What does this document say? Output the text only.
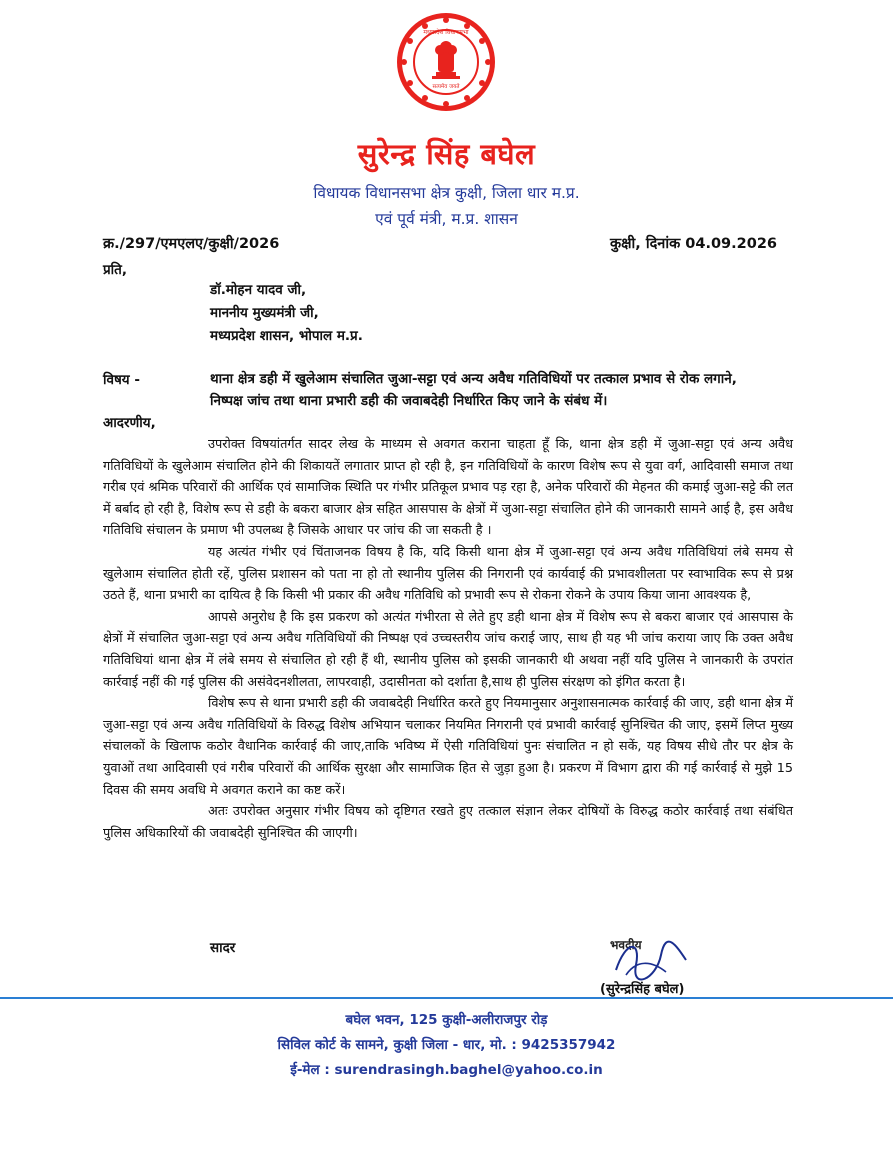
मध्यप्रदेश विधानसभा
सत्यमेव जयते
सुरेन्द्र सिंह बघेल
विधायक विधानसभा क्षेत्र कुक्षी, जिला धार म.प्र.
एवं पूर्व मंत्री, म.प्र. शासन
क्र./297/एमएलए/कुक्षी/2026	कुक्षी, दिनांक 04.09.2026
प्रति,
डॉ.मोहन यादव जी,
माननीय मुख्यमंत्री जी,
मध्यप्रदेश शासन, भोपाल म.प्र.
विषय -	थाना क्षेत्र डही में खुलेआम संचालित जुआ-सट्टा एवं अन्य अवैध गतिविधियों पर तत्काल प्रभाव से रोक लगाने, निष्पक्ष जांच तथा थाना प्रभारी डही की जवाबदेही निर्धारित किए जाने के संबंध में।
आदरणीय,

उपरोक्त विषयांतर्गत सादर लेख के माध्यम से अवगत कराना चाहता हूँ कि, थाना क्षेत्र डही में जुआ-सट्टा एवं अन्य अवैध गतिविधियों के खुलेआम संचालित होने की शिकायतें लगातार प्राप्त हो रही है, इन गतिविधियों के कारण विशेष रूप से युवा वर्ग, आदिवासी समाज तथा गरीब एवं श्रमिक परिवारों की आर्थिक एवं सामाजिक स्थिति पर गंभीर प्रतिकूल प्रभाव पड़ रहा है, अनेक परिवारों की मेहनत की कमाई जुआ-सट्टे की लत में बर्बाद हो रही है, विशेष रूप से डही के बकरा बाजार क्षेत्र सहित आसपास के क्षेत्रों में जुआ-सट्टा संचालित होने की जानकारी सामने आई है, इस अवैध गतिविधि संचालन के प्रमाण भी उपलब्ध है जिसके आधार पर जांच की जा सकती है ।

यह अत्यंत गंभीर एवं चिंताजनक विषय है कि, यदि किसी थाना क्षेत्र में जुआ-सट्टा एवं अन्य अवैध गतिविधियां लंबे समय से खुलेआम संचालित होती रहें, पुलिस प्रशासन को पता ना हो तो स्थानीय पुलिस की निगरानी एवं कार्यवाई की प्रभावशीलता पर स्वाभाविक रूप से प्रश्न उठते हैं, थाना प्रभारी का दायित्व है कि किसी भी प्रकार की अवैध गतिविधि को प्रभावी रूप से रोकना रोकने के उपाय किया जाना आवश्यक है,

आपसे अनुरोध है कि इस प्रकरण को अत्यंत गंभीरता से लेते हुए डही थाना क्षेत्र में विशेष रूप से बकरा बाजार एवं आसपास के क्षेत्रों में संचालित जुआ-सट्टा एवं अन्य अवैध गतिविधियों की निष्पक्ष एवं उच्चस्तरीय जांच कराई जाए, साथ ही यह भी जांच कराया जाए कि उक्त अवैध गतिविधियां थाना क्षेत्र में लंबे समय से संचालित हो रही हैं थी, स्थानीय पुलिस को इसकी जानकारी थी अथवा नहीं यदि पुलिस ने जानकारी के उपरांत कार्रवाई नहीं की गई पुलिस की असंवेदनशीलता, लापरवाही, उदासीनता को दर्शाता है,साथ ही पुलिस संरक्षण को इंगित करता है।

विशेष रूप से थाना प्रभारी डही की जवाबदेही निर्धारित करते हुए नियमानुसार अनुशासनात्मक कार्रवाई की जाए, डही थाना क्षेत्र में जुआ-सट्टा एवं अन्य अवैध गतिविधियों के विरुद्ध विशेष अभियान चलाकर नियमित निगरानी एवं प्रभावी कार्रवाई सुनिश्चित की जाए, इसमें लिप्त मुख्य संचालकों के खिलाफ कठोर वैधानिक कार्रवाई की जाए,ताकि भविष्य में ऐसी गतिविधियां पुनः संचालित न हो सकें, यह विषय सीधे तौर पर क्षेत्र के युवाओं तथा आदिवासी एवं गरीब परिवारों की आर्थिक सुरक्षा और सामाजिक हित से जुड़ा हुआ है। प्रकरण में विभाग द्वारा की गई कार्रवाई से मुझे 15 दिवस की समय अवधि मे अवगत कराने का कष्ट करें।

अतः उपरोक्त अनुसार गंभीर विषय को दृष्टिगत रखते हुए तत्काल संज्ञान लेकर दोषियों के विरुद्ध कठोर कार्रवाई तथा संबंधित पुलिस अधिकारियों की जवाबदेही सुनिश्चित की जाएगी।

सादर	भवदीय
(सुरेन्द्रसिंह बघेल)
बघेल भवन, 125 कुक्षी-अलीराजपुर रोड़
सिविल कोर्ट के सामने, कुक्षी जिला - धार, मो. : 9425357942
ई-मेल : surendrasingh.baghel@yahoo.co.in
